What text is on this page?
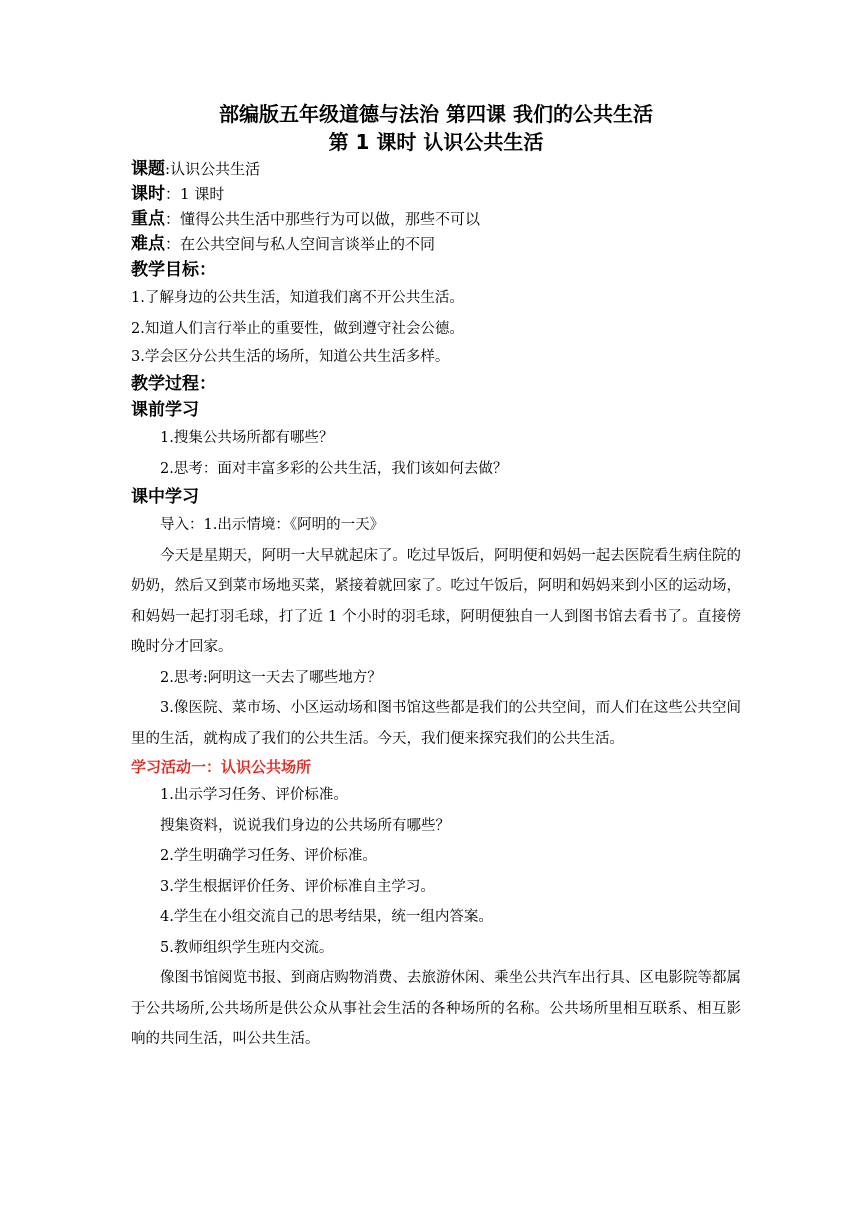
部编版五年级道德与法治 第四课 我们的公共生活

第 1 课时 认识公共生活

课题:认识公共生活

课时：1 课时

重点：懂得公共生活中那些行为可以做，那些不可以

难点：在公共空间与私人空间言谈举止的不同

教学目标：

1.了解身边的公共生活，知道我们离不开公共生活。

2.知道人们言行举止的重要性，做到遵守社会公德。

3.学会区分公共生活的场所，知道公共生活多样。

教学过程：

课前学习

1.搜集公共场所都有哪些？

2.思考：面对丰富多彩的公共生活，我们该如何去做？

课中学习

导入：1.出示情境：《阿明的一天》

今天是星期天，阿明一大早就起床了。吃过早饭后，阿明便和妈妈一起去医院看生病住院的奶奶，然后又到菜市场地买菜，紧接着就回家了。吃过午饭后，阿明和妈妈来到小区的运动场，和妈妈一起打羽毛球，打了近 1 个小时的羽毛球，阿明便独自一人到图书馆去看书了。直接傍晚时分才回家。

2.思考:阿明这一天去了哪些地方？

3.像医院、菜市场、小区运动场和图书馆这些都是我们的公共空间，而人们在这些公共空间里的生活，就构成了我们的公共生活。今天，我们便来探究我们的公共生活。

学习活动一：认识公共场所

1.出示学习任务、评价标准。

搜集资料，说说我们身边的公共场所有哪些？

2.学生明确学习任务、评价标准。

3.学生根据评价任务、评价标准自主学习。

4.学生在小组交流自己的思考结果，统一组内答案。

5.教师组织学生班内交流。

像图书馆阅览书报、到商店购物消费、去旅游休闲、乘坐公共汽车出行具、区电影院等都属于公共场所,公共场所是供公众从事社会生活的各种场所的名称。公共场所里相互联系、相互影响的共同生活，叫公共生活。
